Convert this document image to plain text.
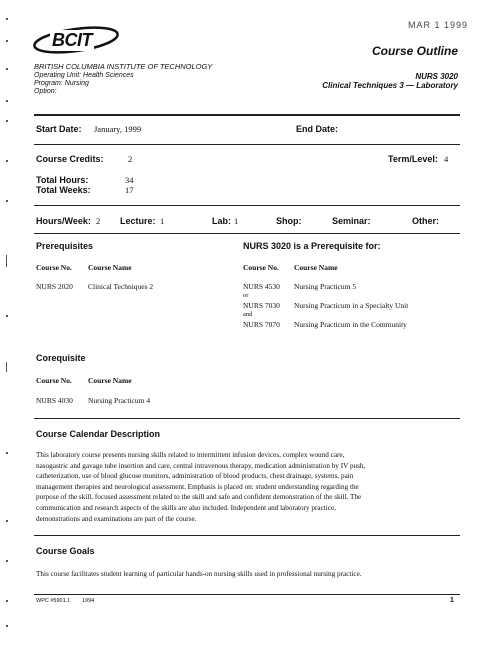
BCIT
MAR 1 1999
Course Outline
BRITISH COLUMBIA INSTITUTE OF TECHNOLOGY
Operating Unit: Health Sciences
Program: Nursing
Option:
NURS 3020
Clinical Techniques 3 — Laboratory
Start Date: January, 1999	End Date:
Course Credits:	2	Term/Level: 4
Total Hours:	34
Total Weeks:	17
Hours/Week: 2 Lecture: 1	Lab: 1	Shop:	Seminar:	Other:
Prerequisites
Course No. Course Name
NURS 2020 Clinical Techniques 2
NURS 3020 is a Prerequisite for:
Course No. Course Name
NURS 4530 Nursing Practicum 5
or
NURS 7030 Nursing Practicum in a Specialty Unit
and
NURS 7070 Nursing Practicum in the Community
Corequisite
Course No. Course Name
NURS 4030 Nursing Practicum 4
Course Calendar Description
This laboratory course presents nursing skills related to intermittent infusion devices, complex wound care,
nasogastric and gavage tube insertion and care, central intravenous therapy, medication administration by IV push,
catheterization, use of blood glucose monitors, administration of blood products, chest drainage, systems, pain
management therapies and neurological assessment. Emphasis is placed on: student understanding regarding the
purpose of the skill, focused assessment related to the skill and safe and confident demonstration of the skill. The
communication and research aspects of the skills are also included. Independent and laboratory practice,
demonstrations and examinations are part of the course.
Course Goals
This course facilitates student learning of particular hands-on nursing skills used in professional nursing practice.
WPC #5901.1 1994	1
